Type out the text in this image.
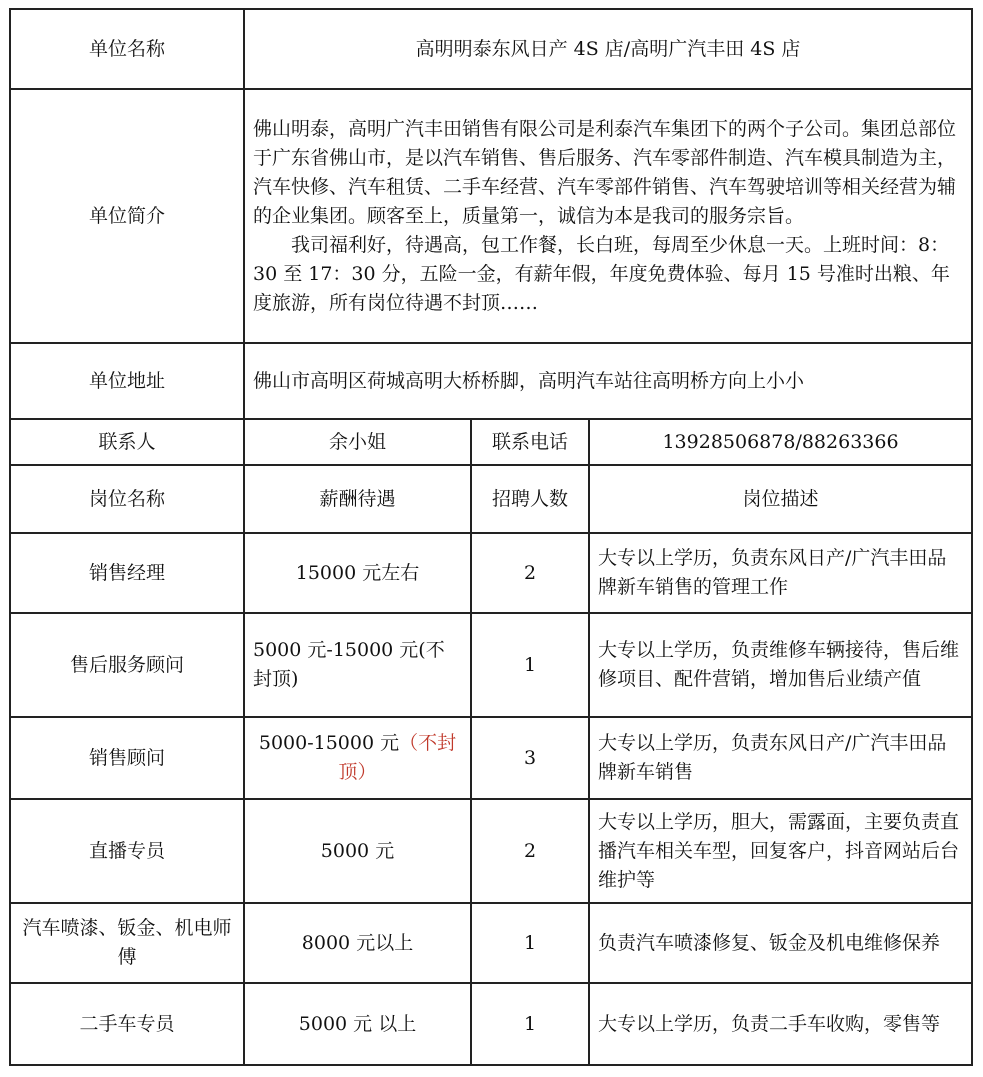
单位名称	高明明泰东风日产 4S 店/高明广汽丰田 4S 店		
单位简介	佛山明泰，高明广汽丰田销售有限公司是利泰汽车集团下的两个子公司。集团总部位于广东省佛山市，是以汽车销售、售后服务、汽车零部件制造、汽车模具制造为主，汽车快修、汽车租赁、二手车经营、汽车零部件销售、汽车驾驶培训等相关经营为辅的企业集团。顾客至上，质量第一，诚信为本是我司的服务宗旨。
我司福利好，待遇高，包工作餐，长白班，每周至少休息一天。上班时间：8：30 至 17：30 分，五险一金，有薪年假，年度免费体验、每月 15 号准时出粮、年度旅游，所有岗位待遇不封顶……		

单位地址	佛山市高明区荷城高明大桥桥脚，高明汽车站往高明桥方向上小小		
联系人	余小姐	联系电话	13928506878/88263366
岗位名称	薪酬待遇	招聘人数	岗位描述
销售经理	15000 元左右	2	大专以上学历，负责东风日产/广汽丰田品牌新车销售的管理工作
售后服务顾问	5000 元-15000 元(不封顶)	1	大专以上学历，负责维修车辆接待，售后维修项目、配件营销，增加售后业绩产值
销售顾问	5000-15000 元（不封顶）	3	大专以上学历，负责东风日产/广汽丰田品牌新车销售
直播专员	5000 元	2	大专以上学历，胆大，需露面，主要负责直播汽车相关车型，回复客户，抖音网站后台维护等
汽车喷漆、钣金、机电师傅	8000 元以上	1	负责汽车喷漆修复、钣金及机电维修保养
二手车专员	5000 元 以上	1	大专以上学历，负责二手车收购，零售等
